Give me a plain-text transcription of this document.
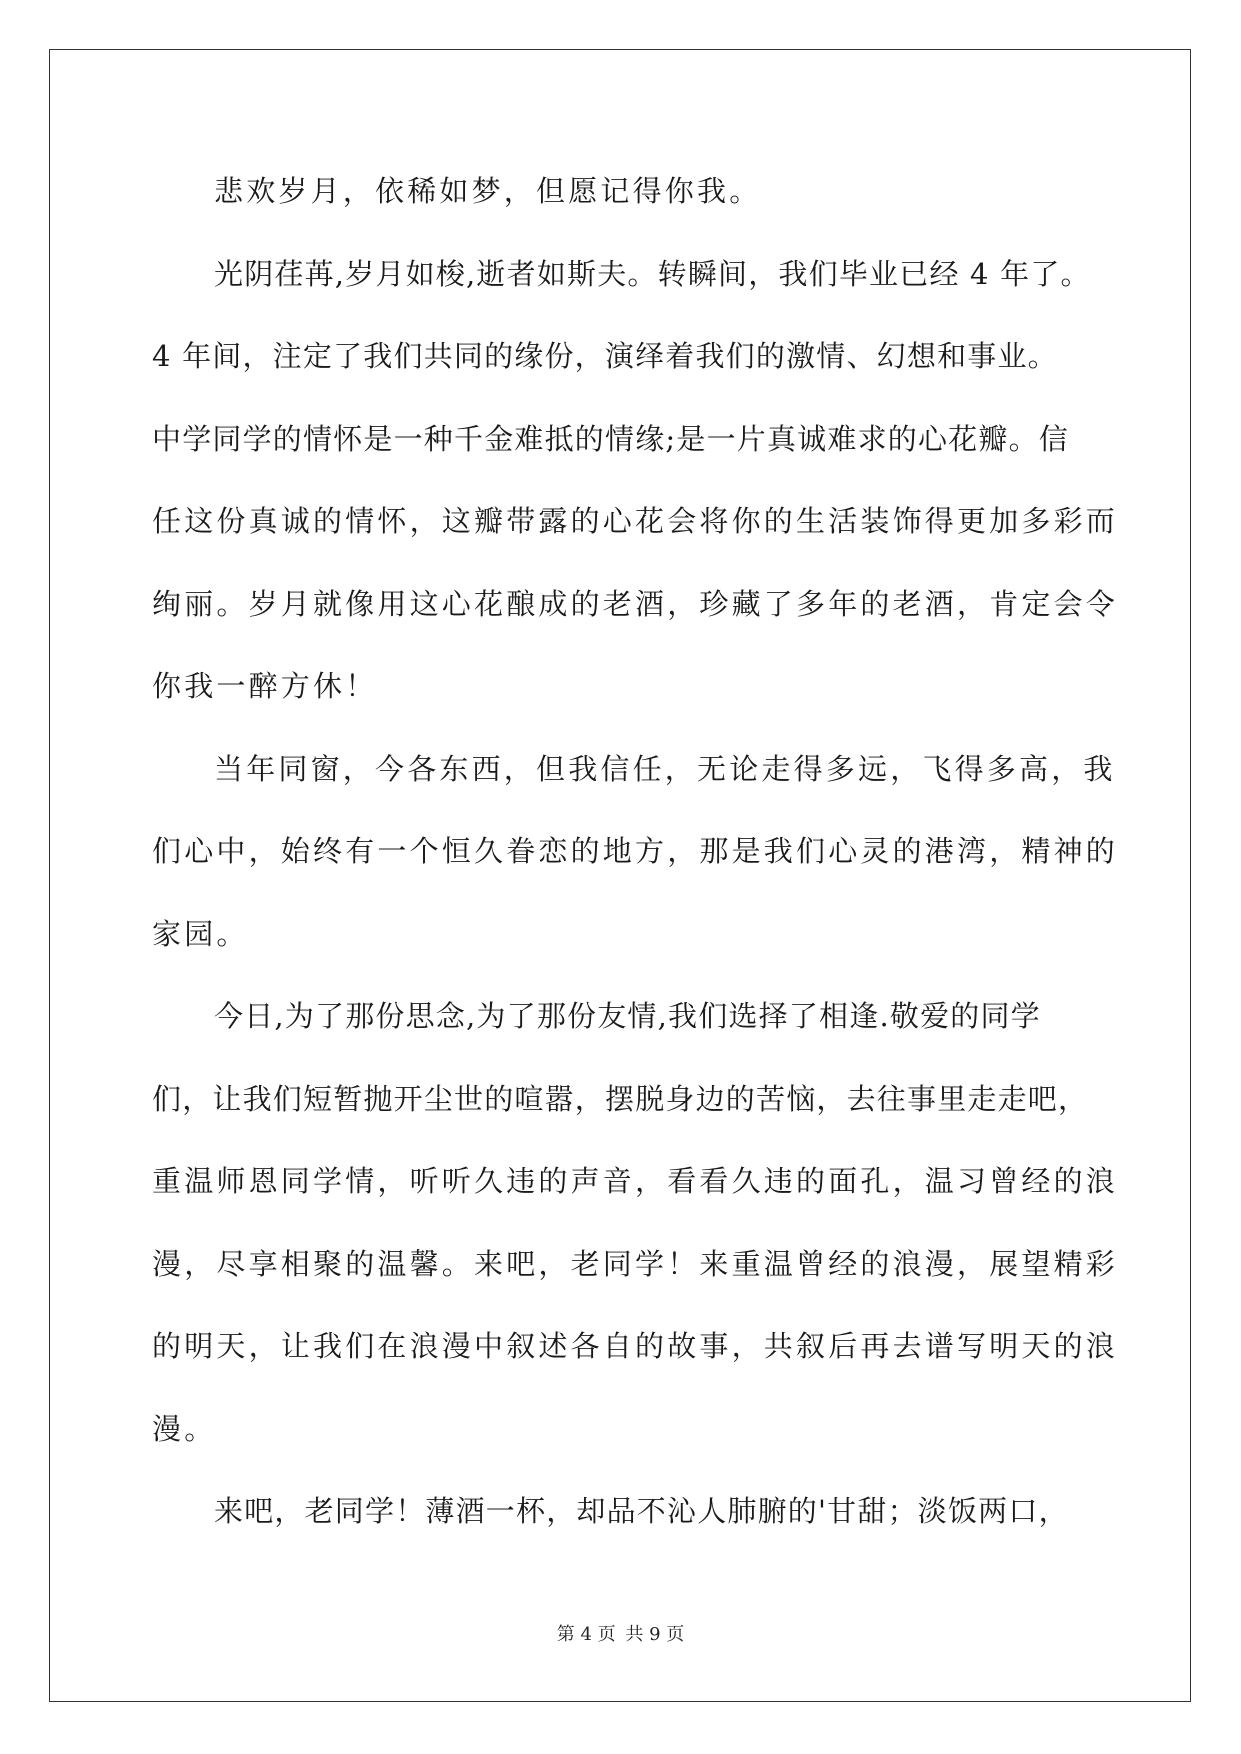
悲欢岁月，依稀如梦，但愿记得你我。
光阴荏苒,岁月如梭,逝者如斯夫。转瞬间，我们毕业已经 4 年了。
4 年间，注定了我们共同的缘份，演绎着我们的激情、幻想和事业。
中学同学的情怀是一种千金难抵的情缘;是一片真诚难求的心花瓣。信
任这份真诚的情怀，这瓣带露的心花会将你的生活装饰得更加多彩而
绚丽。岁月就像用这心花酿成的老酒，珍藏了多年的老酒，肯定会令
你我一醉方休！
当年同窗，今各东西，但我信任，无论走得多远，飞得多高，我
们心中，始终有一个恒久眷恋的地方，那是我们心灵的港湾，精神的
家园。
今日,为了那份思念,为了那份友情,我们选择了相逢.敬爱的同学
们，让我们短暂抛开尘世的喧嚣，摆脱身边的苦恼，去往事里走走吧，
重温师恩同学情，听听久违的声音，看看久违的面孔，温习曾经的浪
漫，尽享相聚的温馨。来吧，老同学！来重温曾经的浪漫，展望精彩
的明天，让我们在浪漫中叙述各自的故事，共叙后再去谱写明天的浪
漫。
来吧，老同学！薄酒一杯，却品不沁人肺腑的'甘甜；淡饭两口，
第 4 页 共 9 页
